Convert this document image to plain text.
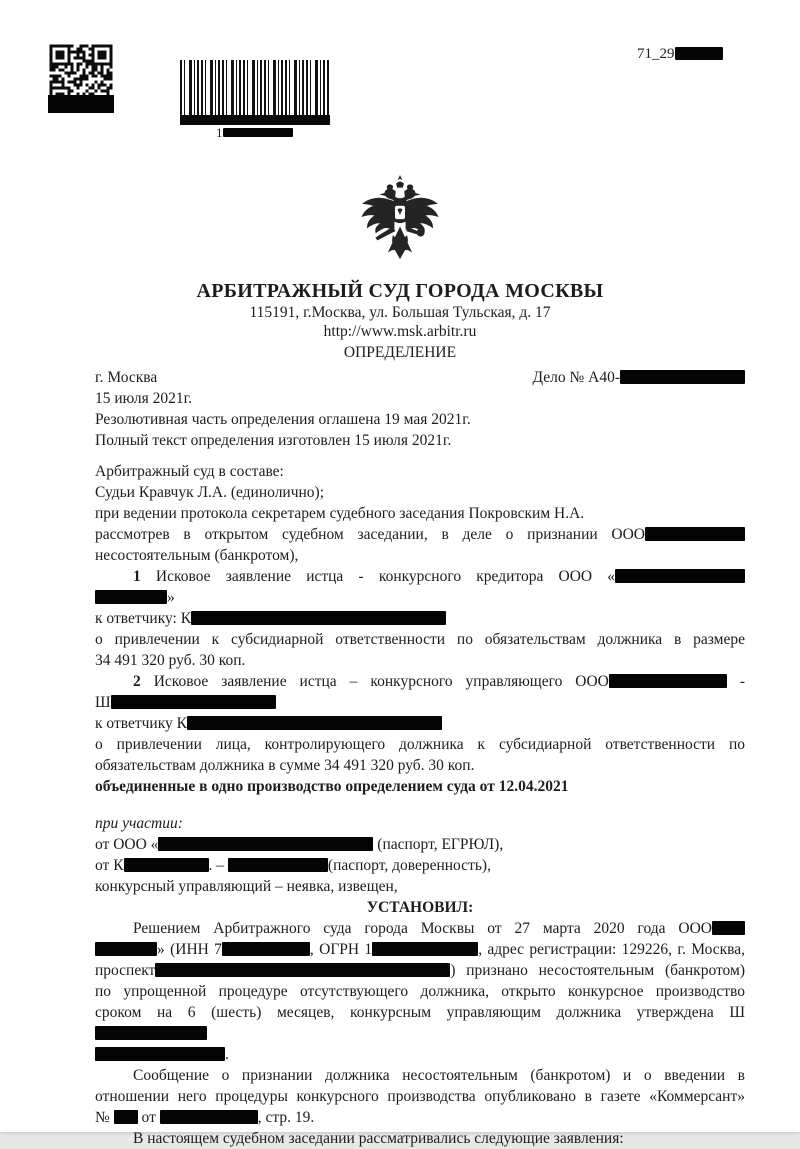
1
71_29
АРБИТРАЖНЫЙ СУД ГОРОДА МОСКВЫ
115191, г.Москва, ул. Большая Тульская, д. 17
http://www.msk.arbitr.ru
ОПРЕДЕЛЕНИЕ
г. Москва	Дело № А40-
15 июля 2021г.
Резолютивная часть определения оглашена 19 мая 2021г.
Полный текст определения изготовлен 15 июля 2021г.
Арбитражный суд в составе:
Судьи Кравчук Л.А. (единолично);
при ведении протокола секретарем судебного заседания Покровским Н.А.
рассмотрев в открытом судебном заседании, в деле о признании ООО
несостоятельным (банкротом),
1 Исковое заявление истца - конкурсного кредитора ООО «
»
к ответчику: К
о привлечении к субсидиарной ответственности по обязательствам должника в размере
34 491 320 руб. 30 коп.
2 Исковое заявление истца – конкурсного управляющего ООО	-
Ш
к ответчику К
о привлечении лица, контролирующего должника к субсидиарной ответственности по
обязательствам должника в сумме 34 491 320 руб. 30 коп.
объединенные в одно производство определением суда от 12.04.2021
при участии:
от ООО «	(паспорт, ЕГРЮЛ),
от К	. –	(паспорт, доверенность),
конкурсный управляющий – неявка, извещен,
УСТАНОВИЛ:
Решением Арбитражного суда города Москвы от 27 марта 2020 года ООО
» (ИНН 7	, ОГРН 1	, адрес регистрации: 129226, г. Москва,
проспект	) признано несостоятельным (банкротом)
по упрощенной процедуре отсутствующего должника, открыто конкурсное производство
сроком на 6 (шесть) месяцев, конкурсным управляющим должника утверждена Ш
.
Сообщение о признании должника несостоятельным (банкротом) и о введении в
отношении него процедуры конкурсного производства опубликовано в газете «Коммерсант»
№  от	, стр. 19.
В настоящем судебном заседании рассматривались следующие заявления:
